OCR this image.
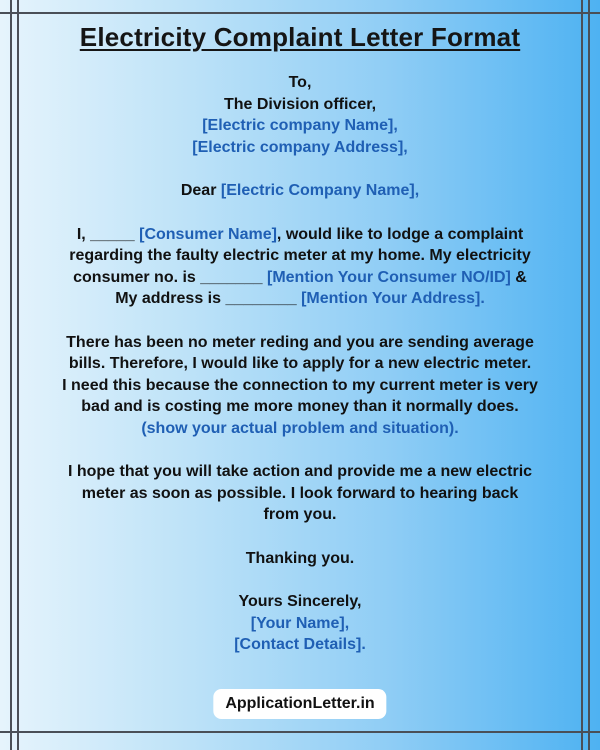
Electricity Complaint Letter Format

To,

The Division officer,

[Electric company Name],

[Electric company Address],

Dear [Electric Company Name],

I, _____ [Consumer Name], would like to lodge a complaint

regarding the faulty electric meter at my home. My electricity

consumer no. is _______ [Mention Your Consumer NO/ID] &

My address is ________ [Mention Your Address].

There has been no meter reding and you are sending average

bills. Therefore, I would like to apply for a new electric meter.

I need this because the connection to my current meter is very

bad and is costing me more money than it normally does.

(show your actual problem and situation).

I hope that you will take action and provide me a new electric

meter as soon as possible. I look forward to hearing back

from you.

Thanking you.

Yours Sincerely,

[Your Name],

[Contact Details].

ApplicationLetter.in
